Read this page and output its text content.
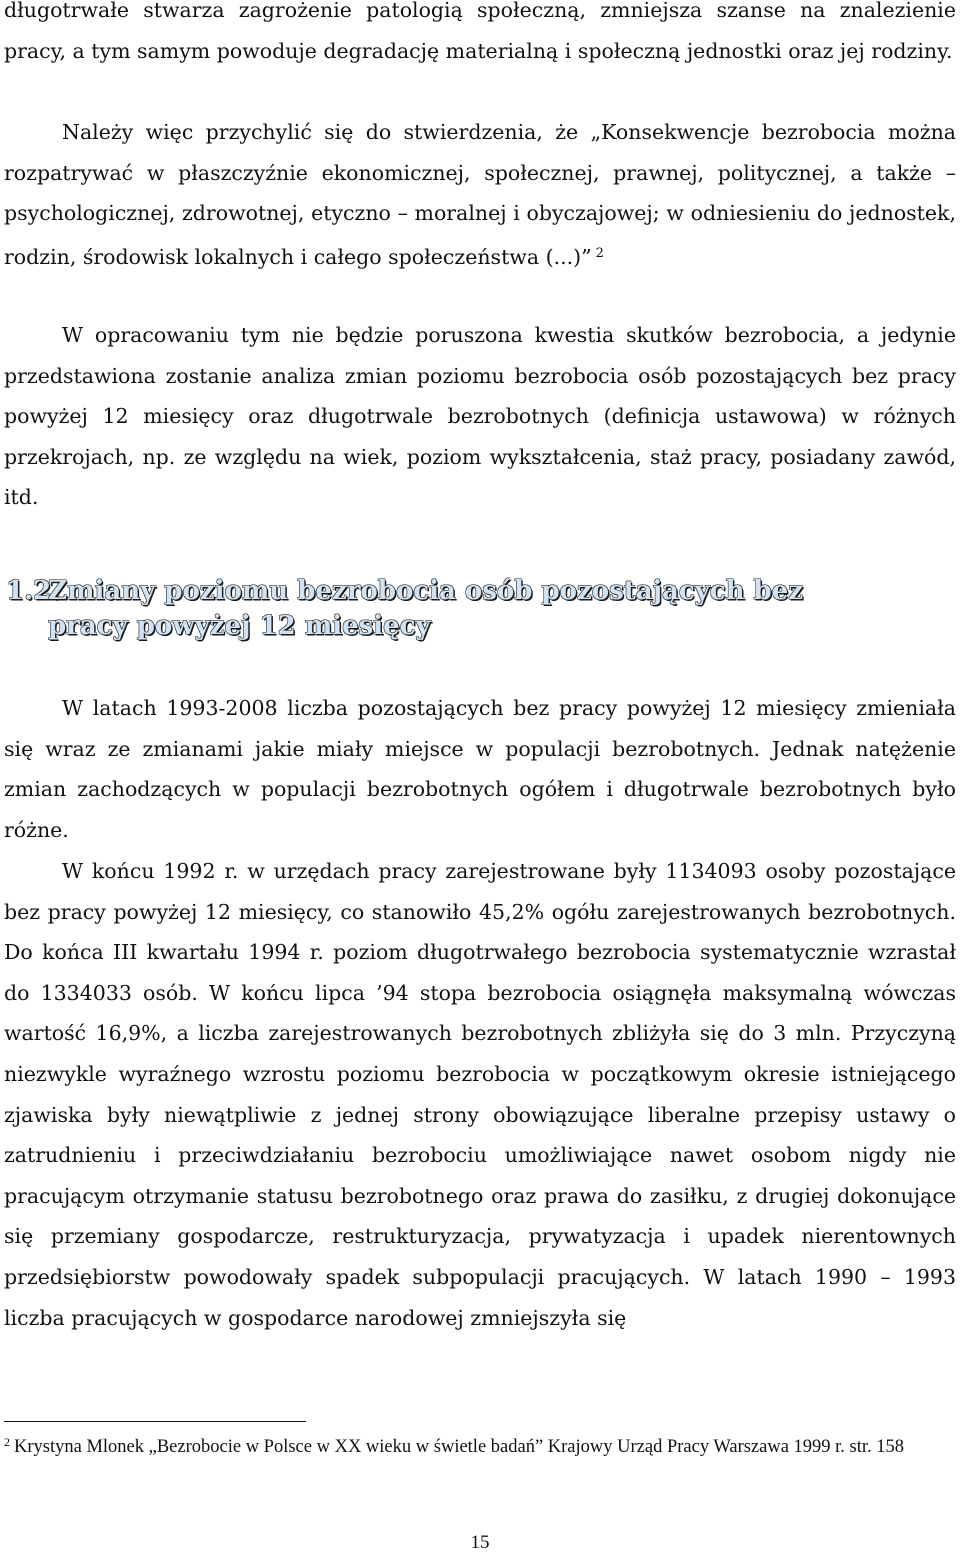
długotrwałe stwarza zagrożenie patologią społeczną, zmniejsza szanse na znalezienie pracy, a tym samym powoduje degradację materialną i społeczną jednostki oraz jej rodziny.

Należy więc przychylić się do stwierdzenia, że „Konsekwencje bezrobocia można rozpatrywać w płaszczyźnie ekonomicznej, społecznej, prawnej, politycznej, a także – psychologicznej, zdrowotnej, etyczno – moralnej i obyczajowej; w odniesieniu do jednostek, rodzin, środowisk lokalnych i całego społeczeństwa (...)” $^2$

W opracowaniu tym nie będzie poruszona kwestia skutków bezrobocia, a jedynie przedstawiona zostanie analiza zmian poziomu bezrobocia osób pozostających bez pracy powyżej 12 miesięcy oraz długotrwale bezrobotnych (definicja ustawowa) w różnych przekrojach, np. ze względu na wiek, poziom wykształcenia, staż pracy, posiadany zawód, itd.

1.2.Zmiany poziomu bezrobocia osób pozostających bez
pracy powyżej 12 miesięcy

W latach 1993-2008 liczba pozostających bez pracy powyżej 12 miesięcy zmieniała się wraz ze zmianami jakie miały miejsce w populacji bezrobotnych. Jednak natężenie zmian zachodzących w populacji bezrobotnych ogółem i długotrwale bezrobotnych było różne.

W końcu 1992 r. w urzędach pracy zarejestrowane były 1134093 osoby pozostające bez pracy powyżej 12 miesięcy, co stanowiło 45,2% ogółu zarejestrowanych bezrobotnych. Do końca III kwartału 1994 r. poziom długotrwałego bezrobocia systematycznie wzrastał do 1334033 osób. W końcu lipca ’94 stopa bezrobocia osiągnęła maksymalną wówczas wartość 16,9%, a liczba zarejestrowanych bezrobotnych zbliżyła się do 3 mln. Przyczyną niezwykle wyraźnego wzrostu poziomu bezrobocia w początkowym okresie istniejącego zjawiska były niewątpliwie z jednej strony obowiązujące liberalne przepisy ustawy o zatrudnieniu i przeciwdziałaniu bezrobociu umożliwiające nawet osobom nigdy nie pracującym otrzymanie statusu bezrobotnego oraz prawa do zasiłku, z drugiej dokonujące się przemiany gospodarcze, restrukturyzacja, prywatyzacja i upadek nierentownych przedsiębiorstw powodowały spadek subpopulacji pracujących. W latach 1990 – 1993 liczba pracujących w gospodarce narodowej zmniejszyła się

$^2$ Krystyna Mlonek „Bezrobocie w Polsce w XX wieku w świetle badań” Krajowy Urząd Pracy Warszawa 1999 r. str. 158

15
